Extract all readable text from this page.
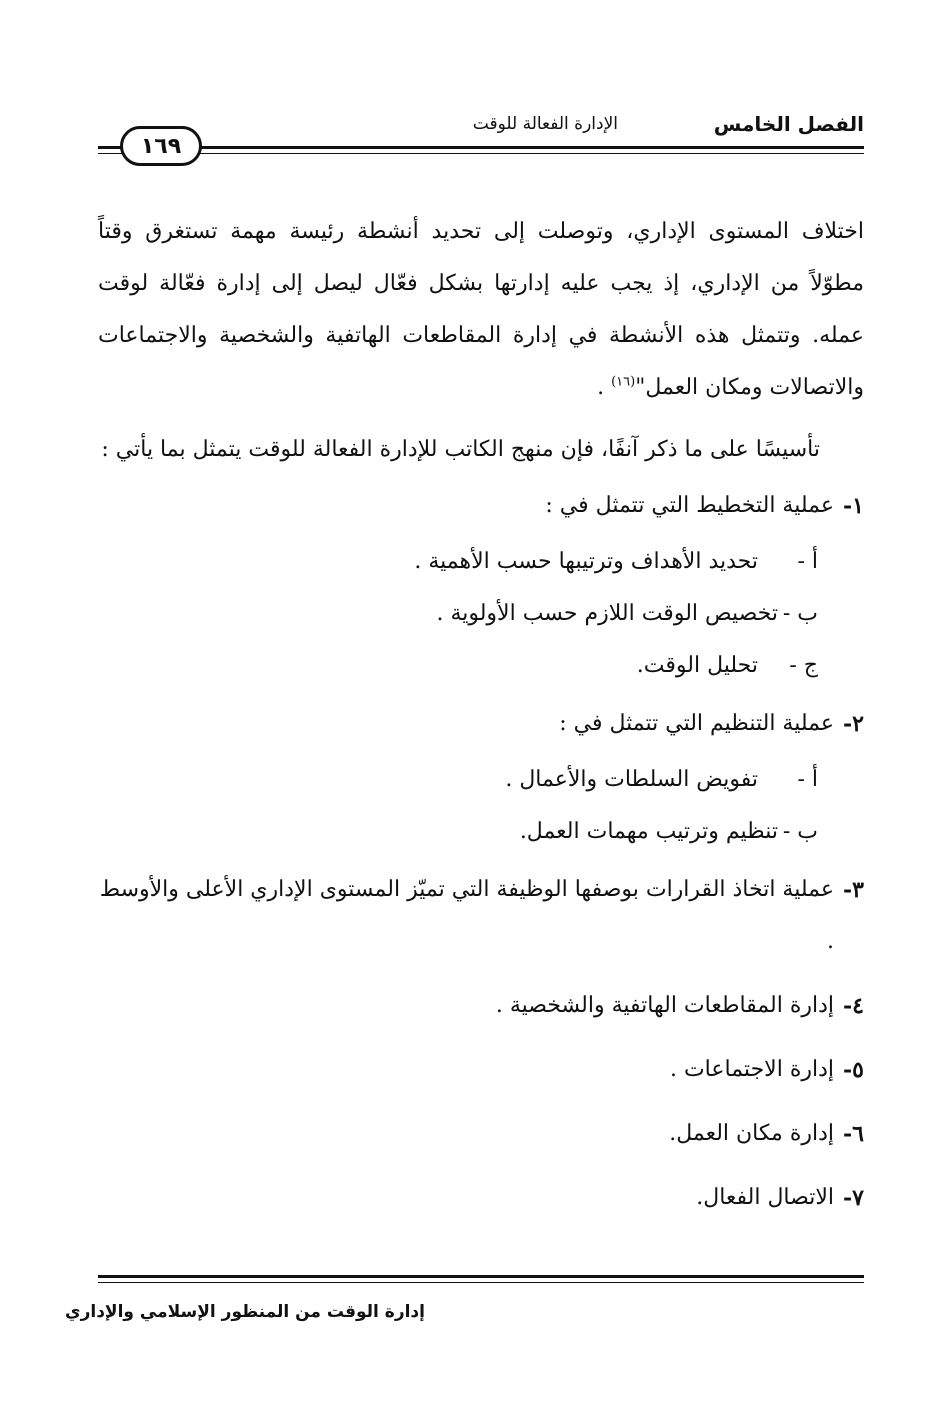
الفصل الخامس
الإدارة الفعالة للوقت
١٦٩

اختلاف المستوى الإداري، وتوصلت إلى تحديد أنشطة رئيسة مهمة تستغرق وقتاً مطوّلاً من الإداري، إذ يجب عليه إدارتها بشكل فعّال ليصل إلى إدارة فعّالة لوقت عمله. وتتمثل هذه الأنشطة في إدارة المقاطعات الهاتفية والشخصية والاجتماعات والاتصالات ومكان العمل"$^{(١٦)}$ .

تأسيسًا على ما ذكر آنفًا، فإن منهج الكاتب للإدارة الفعالة للوقت يتمثل بما يأتي :

١-
عملية التخطيط التي تتمثل في :
أ -
تحديد الأهداف وترتيبها حسب الأهمية .
ب -
تخصيص الوقت اللازم حسب الأولوية .
ج -
تحليل الوقت.
٢-
عملية التنظيم التي تتمثل في :
أ -
تفويض السلطات والأعمال .
ب -
تنظيم وترتيب مهمات العمل.
٣-
عملية اتخاذ القرارات بوصفها الوظيفة التي تميّز المستوى الإداري الأعلى والأوسط .
٤-
إدارة المقاطعات الهاتفية والشخصية .
٥-
إدارة الاجتماعات .
٦-
إدارة مكان العمل.
٧-
الاتصال الفعال.
إدارة الوقت من المنظور الإسلامي والإداري
